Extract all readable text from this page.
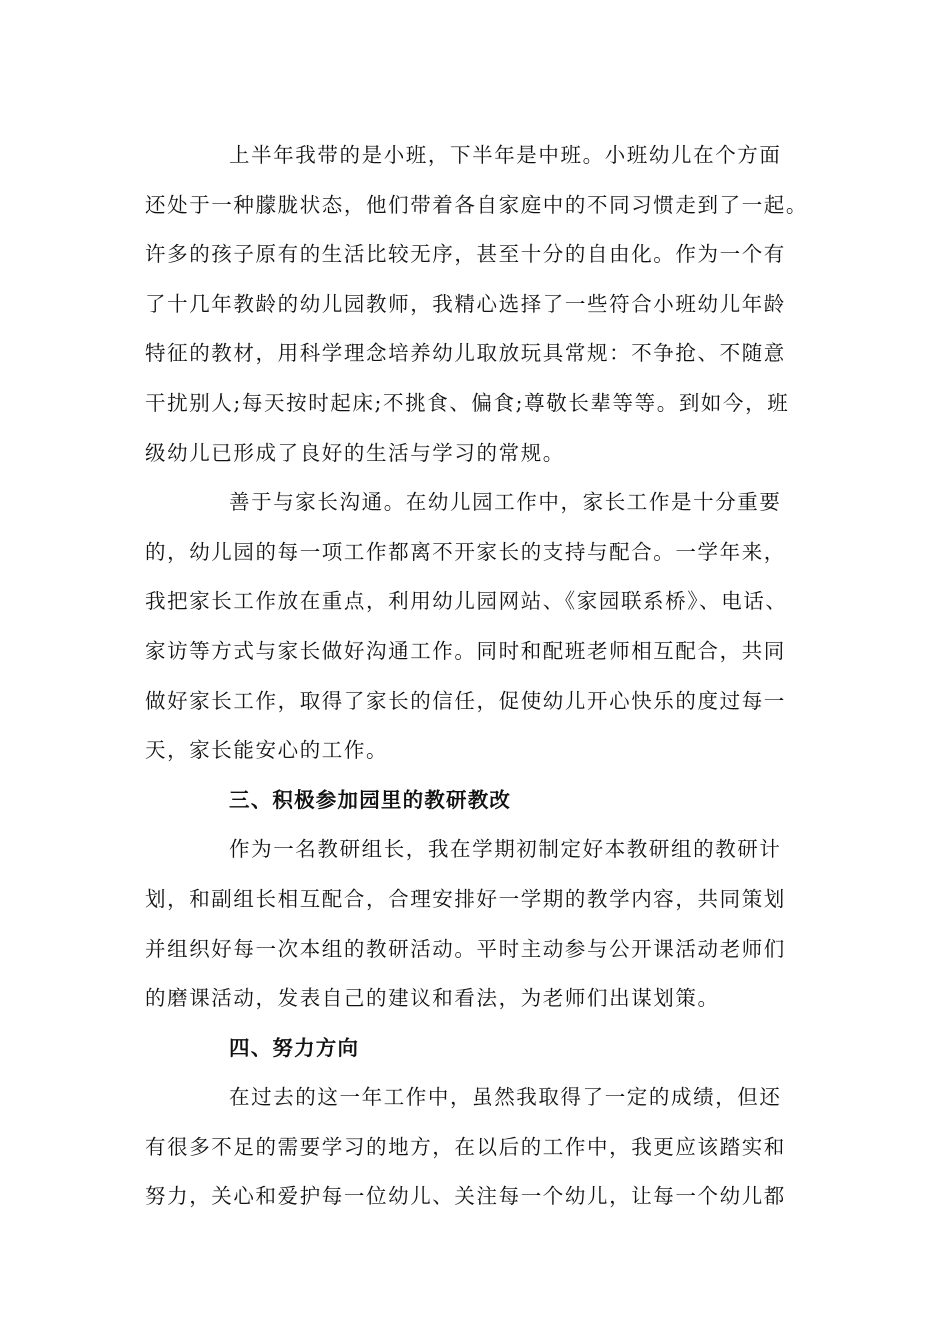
上半年我带的是小班，下半年是中班。小班幼儿在个方面
还处于一种朦胧状态，他们带着各自家庭中的不同习惯走到了一起。
许多的孩子原有的生活比较无序，甚至十分的自由化。作为一个有
了十几年教龄的幼儿园教师，我精心选择了一些符合小班幼儿年龄
特征的教材，用科学理念培养幼儿取放玩具常规：不争抢、不随意
干扰别人;每天按时起床;不挑食、偏食;尊敬长辈等等。到如今，班
级幼儿已形成了良好的生活与学习的常规。
善于与家长沟通。在幼儿园工作中，家长工作是十分重要
的，幼儿园的每一项工作都离不开家长的支持与配合。一学年来，
我把家长工作放在重点，利用幼儿园网站、《家园联系桥》、电话、
家访等方式与家长做好沟通工作。同时和配班老师相互配合，共同
做好家长工作，取得了家长的信任，促使幼儿开心快乐的度过每一
天，家长能安心的工作。
三、积极参加园里的教研教改
作为一名教研组长，我在学期初制定好本教研组的教研计
划，和副组长相互配合，合理安排好一学期的教学内容，共同策划
并组织好每一次本组的教研活动。平时主动参与公开课活动老师们
的磨课活动，发表自己的建议和看法，为老师们出谋划策。
四、努力方向
在过去的这一年工作中，虽然我取得了一定的成绩，但还
有很多不足的需要学习的地方，在以后的工作中，我更应该踏实和
努力，关心和爱护每一位幼儿、关注每一个幼儿，让每一个幼儿都
